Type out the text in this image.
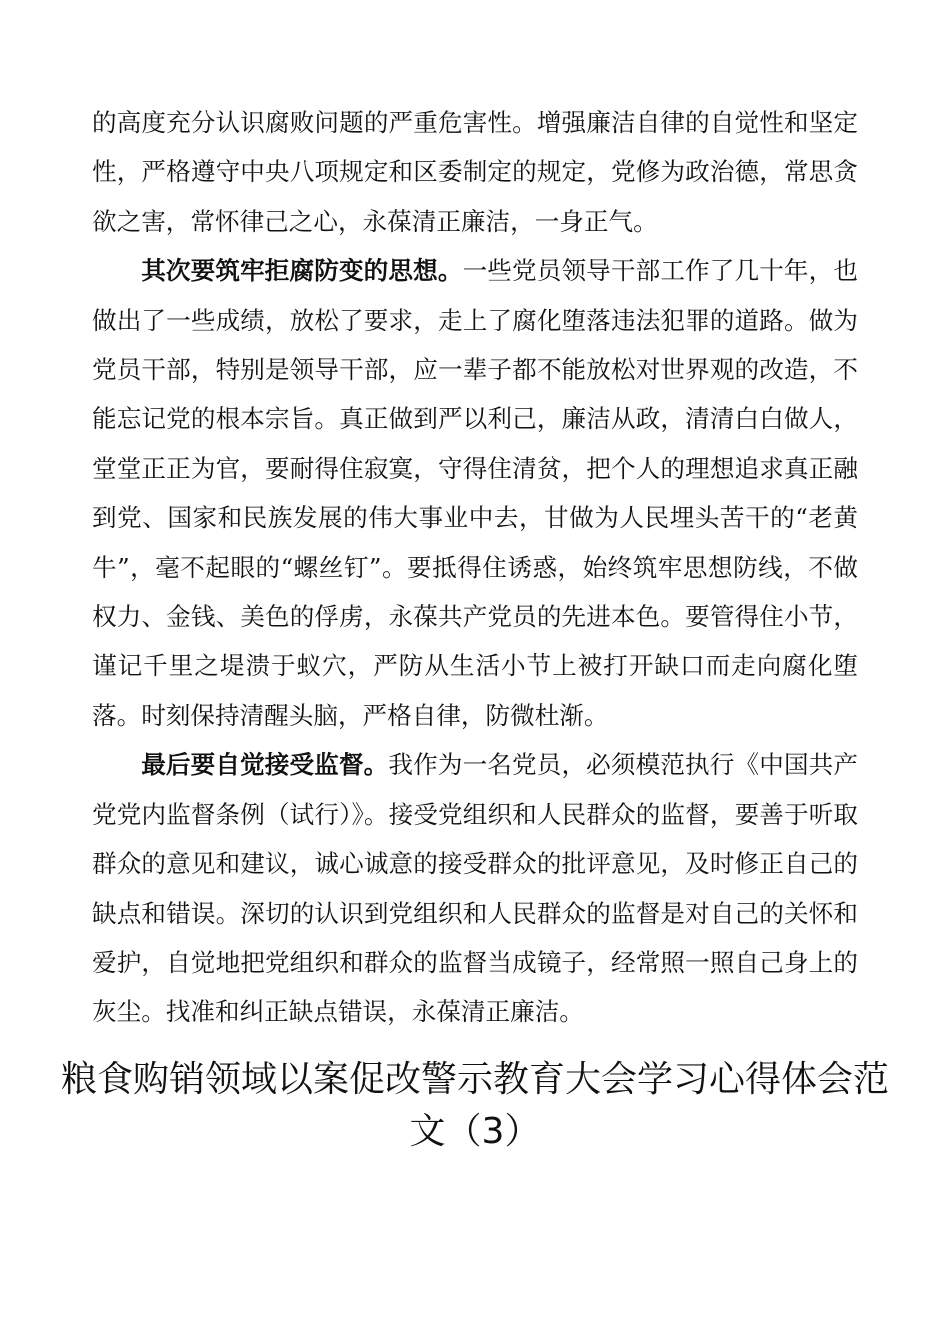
的高度充分认识腐败问题的严重危害性。增强廉洁自律的自觉性和坚定性，严格遵守中央八项规定和区委制定的规定，党修为政治德，常思贪欲之害，常怀律己之心，永葆清正廉洁，一身正气。

其次要筑牢拒腐防变的思想。一些党员领导干部工作了几十年，也做出了一些成绩，放松了要求，走上了腐化堕落违法犯罪的道路。做为党员干部，特别是领导干部，应一辈子都不能放松对世界观的改造，不能忘记党的根本宗旨。真正做到严以利己，廉洁从政，清清白白做人，堂堂正正为官，要耐得住寂寞，守得住清贫，把个人的理想追求真正融到党、国家和民族发展的伟大事业中去，甘做为人民埋头苦干的“老黄牛”，毫不起眼的“螺丝钉”。要抵得住诱惑，始终筑牢思想防线，不做权力、金钱、美色的俘虏，永葆共产党员的先进本色。要管得住小节，谨记千里之堤溃于蚁穴，严防从生活小节上被打开缺口而走向腐化堕落。时刻保持清醒头脑，严格自律，防微杜渐。

最后要自觉接受监督。我作为一名党员，必须模范执行《中国共产党党内监督条例（试行）》。接受党组织和人民群众的监督，要善于听取群众的意见和建议，诚心诚意的接受群众的批评意见，及时修正自己的缺点和错误。深切的认识到党组织和人民群众的监督是对自己的关怀和爱护，自觉地把党组织和群众的监督当成镜子，经常照一照自己身上的灰尘。找准和纠正缺点错误，永葆清正廉洁。

粮食购销领域以案促改警示教育大会学习心得体会范文（3）
